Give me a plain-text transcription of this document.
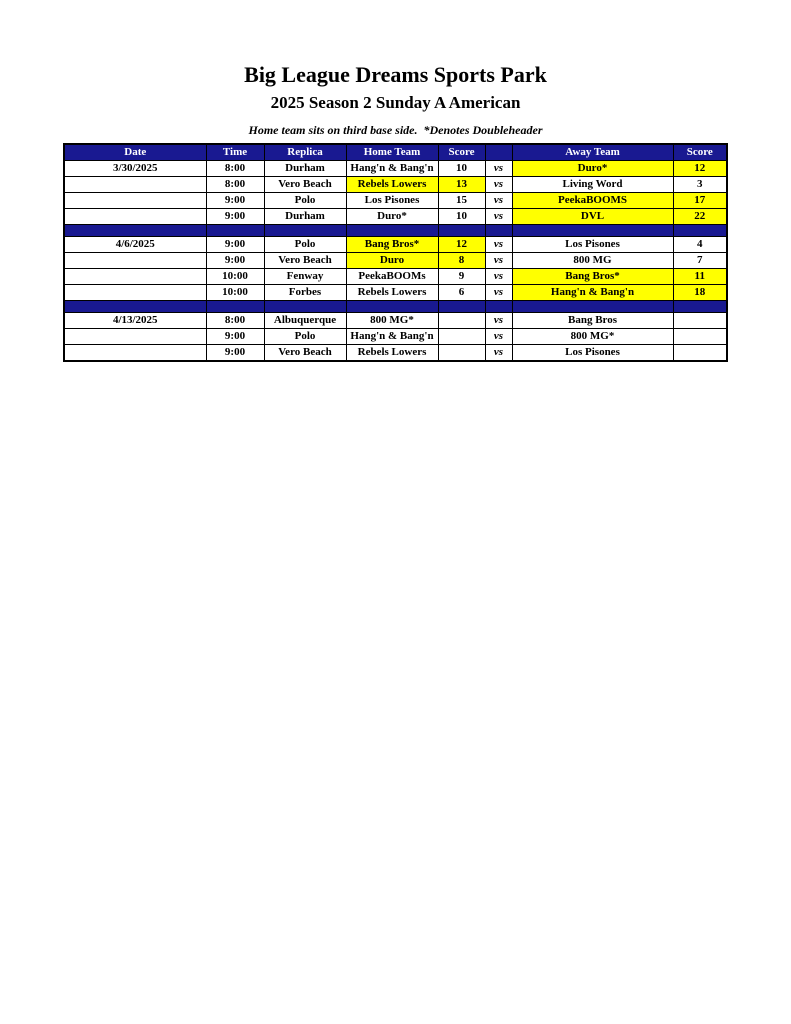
Big League Dreams Sports Park
2025 Season 2 Sunday A American
Home team sits on third base side.  *Denotes Doubleheader
Date	Time	Replica	Home Team	Score		Away Team	Score
3/30/2025	8:00	Durham	Hang'n & Bang'n	10	vs	Duro*	12
	8:00	Vero Beach	Rebels Lowers	13	vs	Living Word	3
	9:00	Polo	Los Pisones	15	vs	PeekaBOOMS	17
	9:00	Durham	Duro*	10	vs	DVL	22

4/6/2025	9:00	Polo	Bang Bros*	12	vs	Los Pisones	4
	9:00	Vero Beach	Duro	8	vs	800 MG	7
	10:00	Fenway	PeekaBOOMs	9	vs	Bang Bros*	11
	10:00	Forbes	Rebels Lowers	6	vs	Hang'n & Bang'n	18

4/13/2025	8:00	Albuquerque	800 MG*		vs	Bang Bros	
	9:00	Polo	Hang'n & Bang'n		vs	800 MG*	
	9:00	Vero Beach	Rebels Lowers		vs	Los Pisones	
